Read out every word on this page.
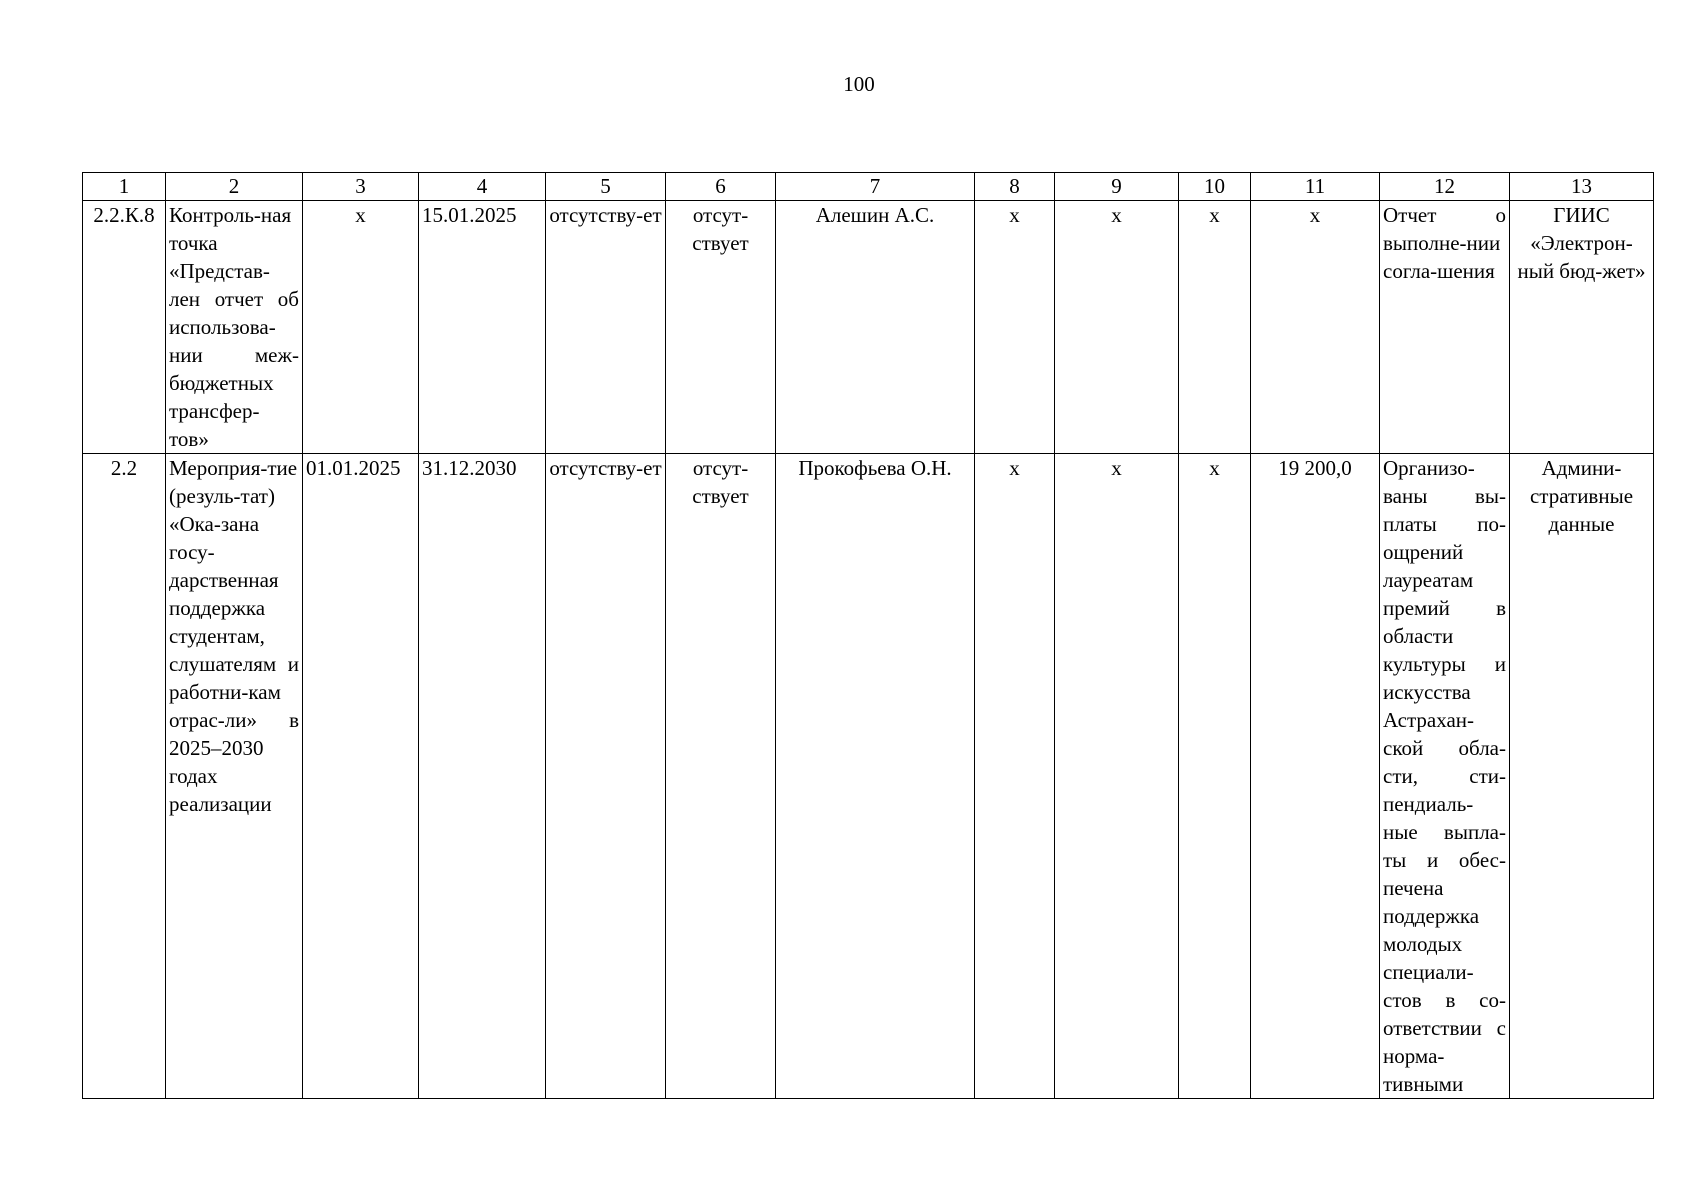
100
1	2	3	4	5	6	7	8	9	10	11	12	13
2.2.К.8	Контроль-ная точка «Представ-лен отчет об использова-нии меж-бюджетных трансфер-тов»	х	15.01.2025	отсутству-ет	отсут-ствует	Алешин А.С.	х	х	х	х	Отчет о выполне-нии согла-шения	ГИИС «Электрон-ный бюд-жет»
2.2	Мероприя-тие (резуль-тат) «Ока-зана госу-дарственная поддержка студентам, слушателям и работни-кам отрас-ли» в 2025–2030 годах реализации	01.01.2025	31.12.2030	отсутству-ет	отсут-ствует	Прокофьева О.Н.	х	х	х	19 200,0	Организо-ваны вы-платы по-ощрений лауреатам премий в области культуры и искусства Астрахан-ской обла-сти, сти-пендиаль-ные выпла-ты и обес-печена поддержка молодых специали-стов в со-ответствии с норма-тивными	Админи-стративные данные
